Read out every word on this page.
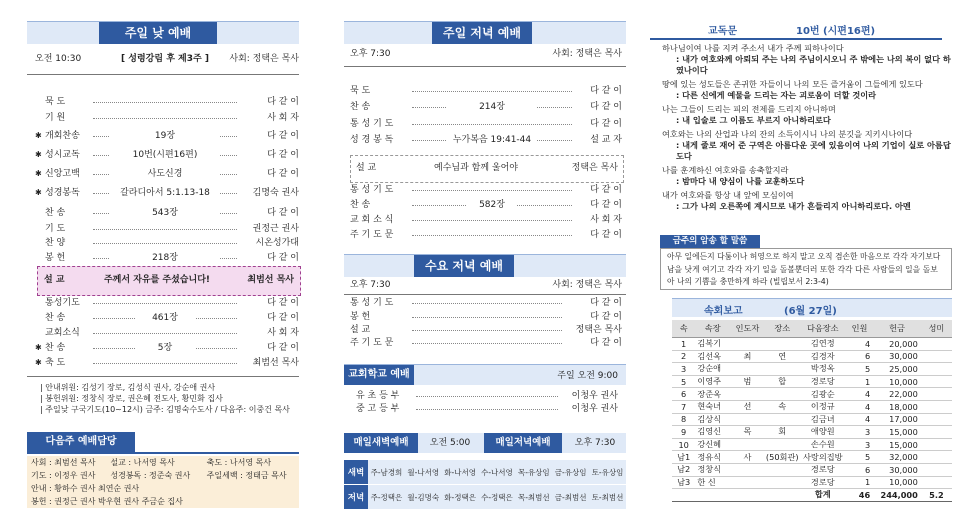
주일 낮 예배
오전 10:30	[ 성령강림 후 제3주 ]	사회: 정택은 목사
묵 도	다 같 이
기 원	사 회 자
✱ 개회찬송	19장	다 같 이
✱ 성시교독	10번(시편16편)	다 같 이
✱ 신앙고백	사도신경	다 같 이
✱ 성경봉독	갈라디아서 5:1.13-18	김명숙 권사
찬 송	543장	다 같 이
기 도	권정근 권사
찬 양	시온성가대
봉 헌	218장	다 같 이
설 교	주께서 자유를 주셨습니다!	최범선 목사
통성기도	다 같 이
찬 송	461장	다 같 이
교회소식	사 회 자
✱ 찬 송	5장	다 같 이
✱ 축 도	최범선 목사
| 안내위원: 김성기 장로, 김성식 권사, 강순애 권사
| 봉헌위원: 정창식 장로, 권은혜 전도사, 황민화 집사
| 주일낮 구국기도(10~12시) 금주: 김명숙수도사 / 다음주: 이중건 목사
다음주 예배담당
사회 : 최범선 목사	설교 : 나서영 목사	축도 : 나서영 목사
기도 : 이정우 권사	성경봉독 : 정준숙 권사	주일세백 : 정태금 목사
안내 : 황하수 권사 최연순 권사		
봉헌 : 권정근 권사 박우현 권사 주금순 집사		
주일 저녁 예배
오후 7:30	사회: 정택은 목사
묵 도	다 같 이
찬 송	214장	다 같 이
통 성 기 도	다 같 이
성 경 봉 독	누가복음 19:41-44	설 교 자
설 교	예수님과 함께 울어야	정택은 목사
통 성 기 도	다 같 이
찬 송	582장	다 같 이
교 회 소 식	사 회 자
주 기 도 문	다 같 이
수요 저녁 예배
오후 7:30	사회: 정택은 목사
통 성 기 도	다 같 이
봉 헌	다 같 이
설 교	정택은 목사
주 기 도 문	다 같 이
교회학교 예배	주일 오전 9:00
유 초 등 부	이청우 권사
중 고 등 부	이청우 권사
매일새벽예배	오전 5:00	매일저녁예배	오후 7:30
새벽	주-남경희	월-나서영	화-나서영	수-나서영	목-유상임	금-유상임	토-유상임
저녁	주-정택은	월-김명숙	화-정택은	수-정택은	목-최범선	금-최범선	토-최범선
교독문	10번 (시편16편)
하나님이여 나를 지켜 주소서 내가 주께 피하나이다
: 내가 여호와께 아뢰되 주는 나의 주님이시오니 주 밖에는 나의 복이 없다 하였나이다
땅에 있는 성도들은 존귀한 자들이니 나의 모든 즐거움이 그들에게 있도다
: 다른 신에게 예물을 드리는 자는 괴로움이 더할 것이라
나는 그들이 드리는 피의 전제를 드리지 아니하며
: 내 입술로 그 이름도 부르지 아니하리로다
여호와는 나의 산업과 나의 잔의 소득이시니 나의 분깃을 지키시나이다
: 내게 줄로 재어 준 구역은 아름다운 곳에 있음이여 나의 기업이 실로 아름답도다
나를 훈계하신 여호와를 송축할지라
: 밤마다 내 양심이 나를 교훈하도다
내가 여호와를 항상 내 앞에 모심이여
: 그가 나의 오른쪽에 계시므로 내가 흔들리지 아니하리로다. 아멘
금주의 암송 할 말씀
아무 일에든지 다툼이나 허영으로 하지 말고 오직 겸손한 마음으로 각각 자기보다 남을 낫게 여기고 각각 자기 일을 돌볼뿐더러 또한 각각 다른 사람들의 일을 돌보아 나의 기쁨을 충만하게 하라 (빌립보서 2:3-4)
속회보고	(6월 27일)
속	속장	인도자	장소	다음장소	인원	헌금	성미
1	김복기			김연정	4	20,000	
2	김선옥	최	연	김경자	6	30,000	
3	강순애			박정옥	5	25,000	
5	이영주	범	합	경로당	1	10,000	
6	장준옥			김광순	4	22,000	
7	현숙녀	선	속	이정규	4	18,000	
8	김상식			김금녀	4	17,000	
9	김영신	목	회	애양원	3	15,000	
10	강신혜			손수원	3	15,000	
남1	정유식	사	(50회관)	사랑의집방	5	32,000	
남2	정창식			경로당	6	30,000	
남3	한 신			경로당	1	10,000	
				합계	46	244,000	5.2
